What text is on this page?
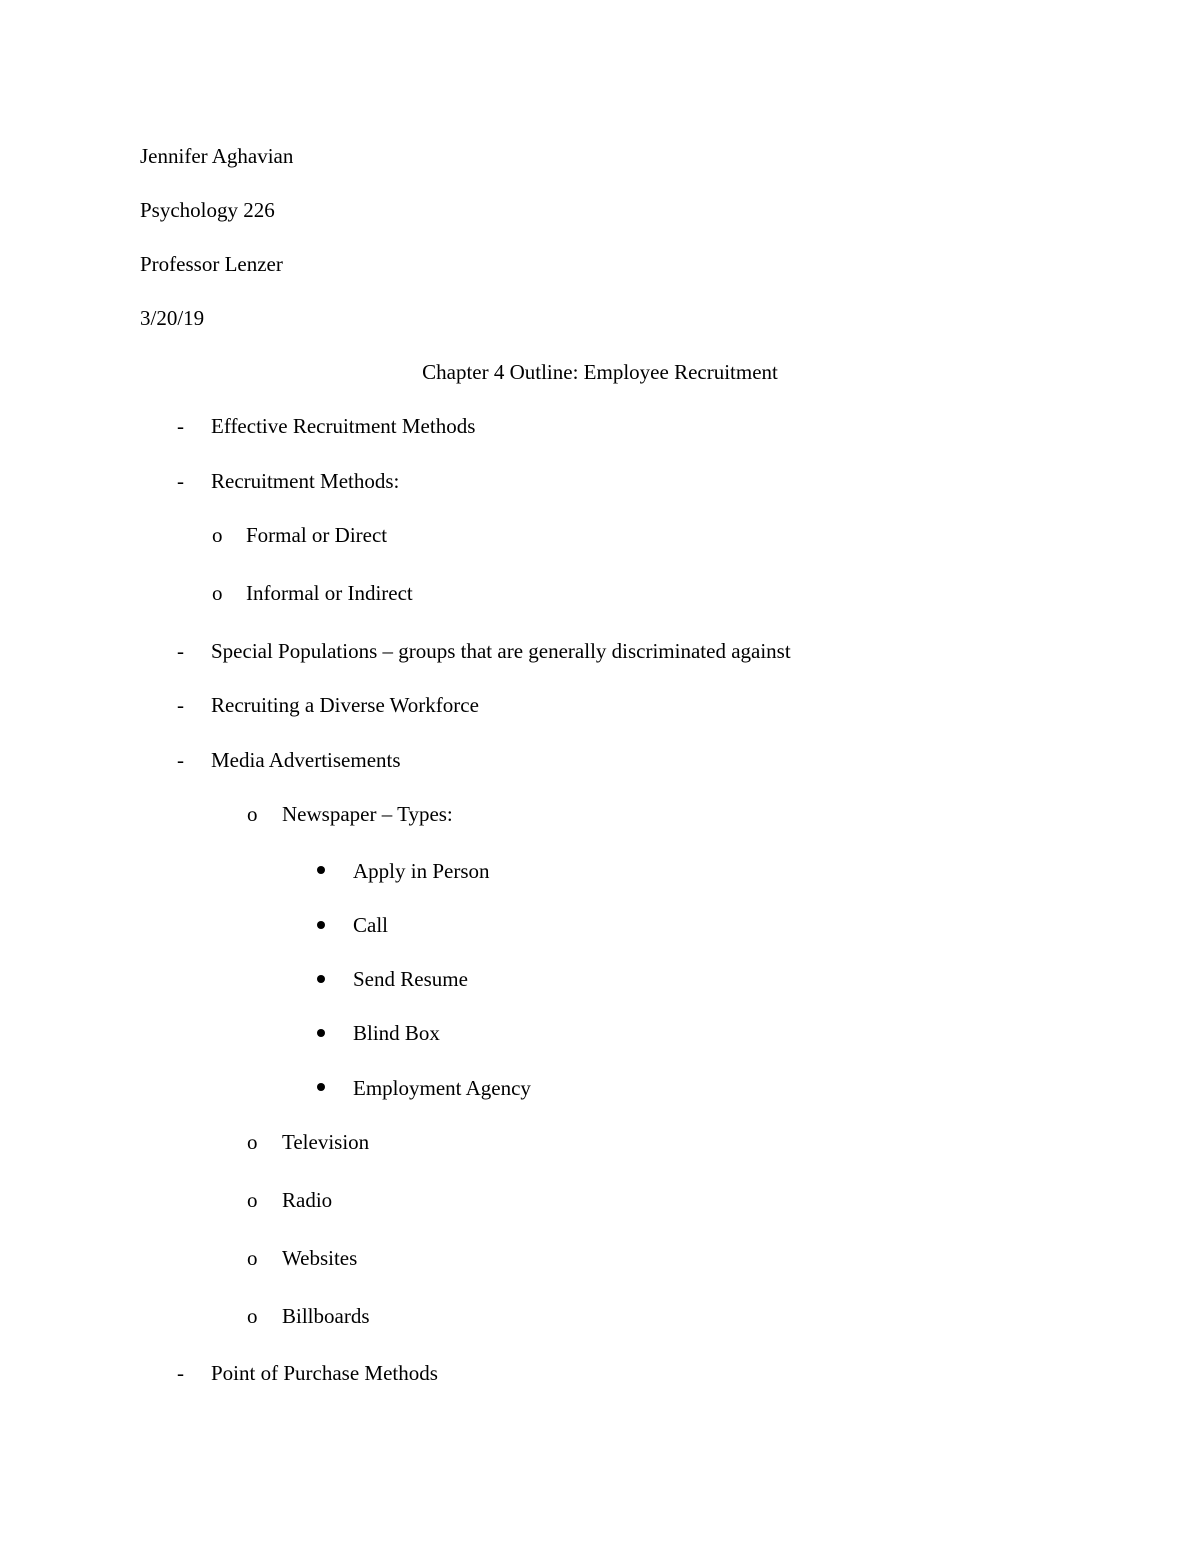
Jennifer Aghavian
Psychology 226
Professor Lenzer
3/20/19
Chapter 4 Outline: Employee Recruitment
- Effective Recruitment Methods
- Recruitment Methods:
o Formal or Direct
o Informal or Indirect
- Special Populations – groups that are generally discriminated against
- Recruiting a Diverse Workforce
- Media Advertisements
o Newspaper – Types:
Apply in Person
Call
Send Resume
Blind Box
Employment Agency
o Television
o Radio
o Websites
o Billboards
- Point of Purchase Methods
